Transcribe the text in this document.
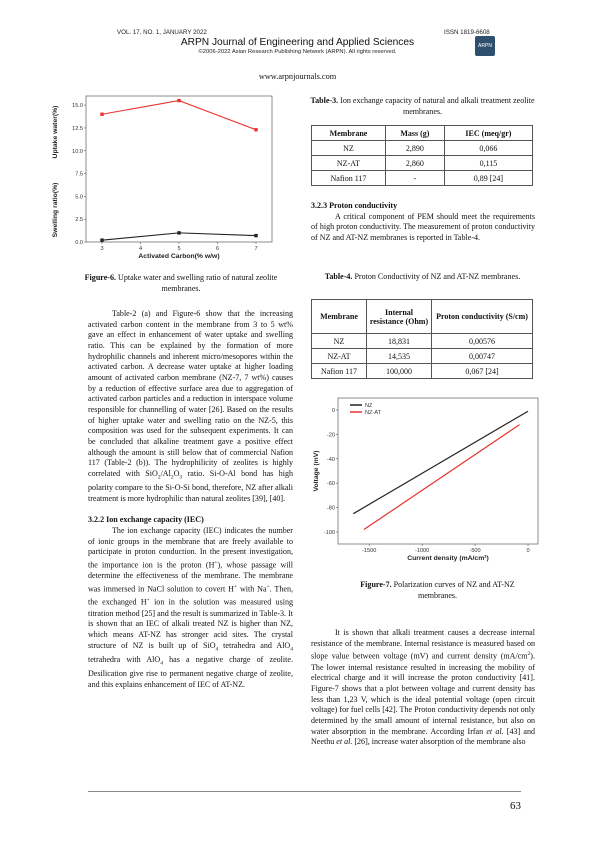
VOL. 17, NO. 1, JANUARY 2022	ISSN 1819-6608
ARPN Journal of Engineering and Applied Sciences
©2006-2022 Asian Research Publishing Network (ARPN). All rights reserved.
ARPN
www.arpnjournals.com
0.0
2.5
5.0
7.5
10.0
12.5
15.0
3	4	5	6	7
Activated Carbon(% w/w)
Uptake water(%)
Swelling ratio(%)
Figure-6. Uptake water and swelling ratio of natural zeolite membranes.

Table-2 (a) and Figure-6 show that the increasing activated carbon content in the membrane from 3 to 5 wt% gave an effect in enhancement of water uptake and swelling ratio. This can be explained by the formation of more hydrophilic channels and inherent micro/mesopores within the activated carbon. A decrease water uptake at higher loading amount of activated carbon membrane (NZ-7, 7 wt%) causes by a reduction of effective surface area due to aggregation of activated carbon particles and a reduction in interspace volume responsible for channelling of water [26]. Based on the results of higher uptake water and swelling ratio on the NZ-5, this composition was used for the subsequent experiments. It can be concluded that alkaline treatment gave a positive effect although the amount is still below that of commercial Nafion 117 (Table-2 (b)). The hydrophilicity of zeolites is highly correlated with $SiO_2/Al_2O_3$ ratio. Si-O-Al bond has high polarity compare to the Si-O-Si bond, therefore, NZ after alkali treatment is more hydrophilic than natural zeolites [39], [40].

3.2.2 Ion exchange capacity (IEC)

The ion exchange capacity (IEC) indicates the number of ionic groups in the membrane that are freely available to participate in proton conduction. In the present investigation, the importance ion is the proton (H+), whose passage will determine the effectiveness of the membrane. The membrane was immersed in NaCl solution to covert H+ with Na+. Then, the exchanged H+ ion in the solution was measured using titration method [25] and the result is summarized in Table-3. It is shown that an IEC of alkali treated NZ is higher than NZ, which means AT-NZ has stronger acid sites. The crystal structure of NZ is built up of SiO$_4$ tetrahedra and AlO$_4$ tetrahedra with AlO$_4$ has a negative charge of zeolite. Desilication give rise to permanent negative charge of zeolite, and this explains enhancement of IEC of AT-NZ.

Table-3. Ion exchange capacity of natural and alkali treatment zeolite membranes.
Membrane	Mass (g)	IEC (meq/gr)
NZ	2,890	0,066
NZ-AT	2,860	0,115
Nafion 117	-	0,89 [24]

3.2.3 Proton conductivity

A critical component of PEM should meet the requirements of high proton conductivity. The measurement of proton conductivity of NZ and AT-NZ membranes is reported in Table-4.

Table-4. Proton Conductivity of NZ and AT-NZ membranes.
Membrane	Internal resistance (Ohm)	Proton conductivity (S/cm)
NZ	18,831	0,00576
NZ-AT	14,535	0,00747
Nafion 117	100,000	0,067 [24]
0
-20
-40
-60
-80
-100
-1500	-1000	-500	0
NZ
NZ-AT
Current density (mA/cm²)
Voltage (mV)
Figure-7. Polarization curves of NZ and AT-NZ membranes.

It is shown that alkali treatment causes a decrease internal resistance of the membrane. Internal resistance is measured based on slope value between voltage (mV) and current density $(mA/cm^2)$. The lower internal resistance resulted in increasing the mobility of electrical charge and it will increase the proton conductivity [41]. Figure-7 shows that a plot between voltage and current density has less than 1,23 V, which is the ideal potential voltage (open circuit voltage) for fuel cells [42]. The Proton conductivity depends not only determined by the small amount of internal resistance, but also on water absorption in the membrane. According Irfan et al. [43] and Neethu et al. [26], increase water absorption of the membrane also

63
